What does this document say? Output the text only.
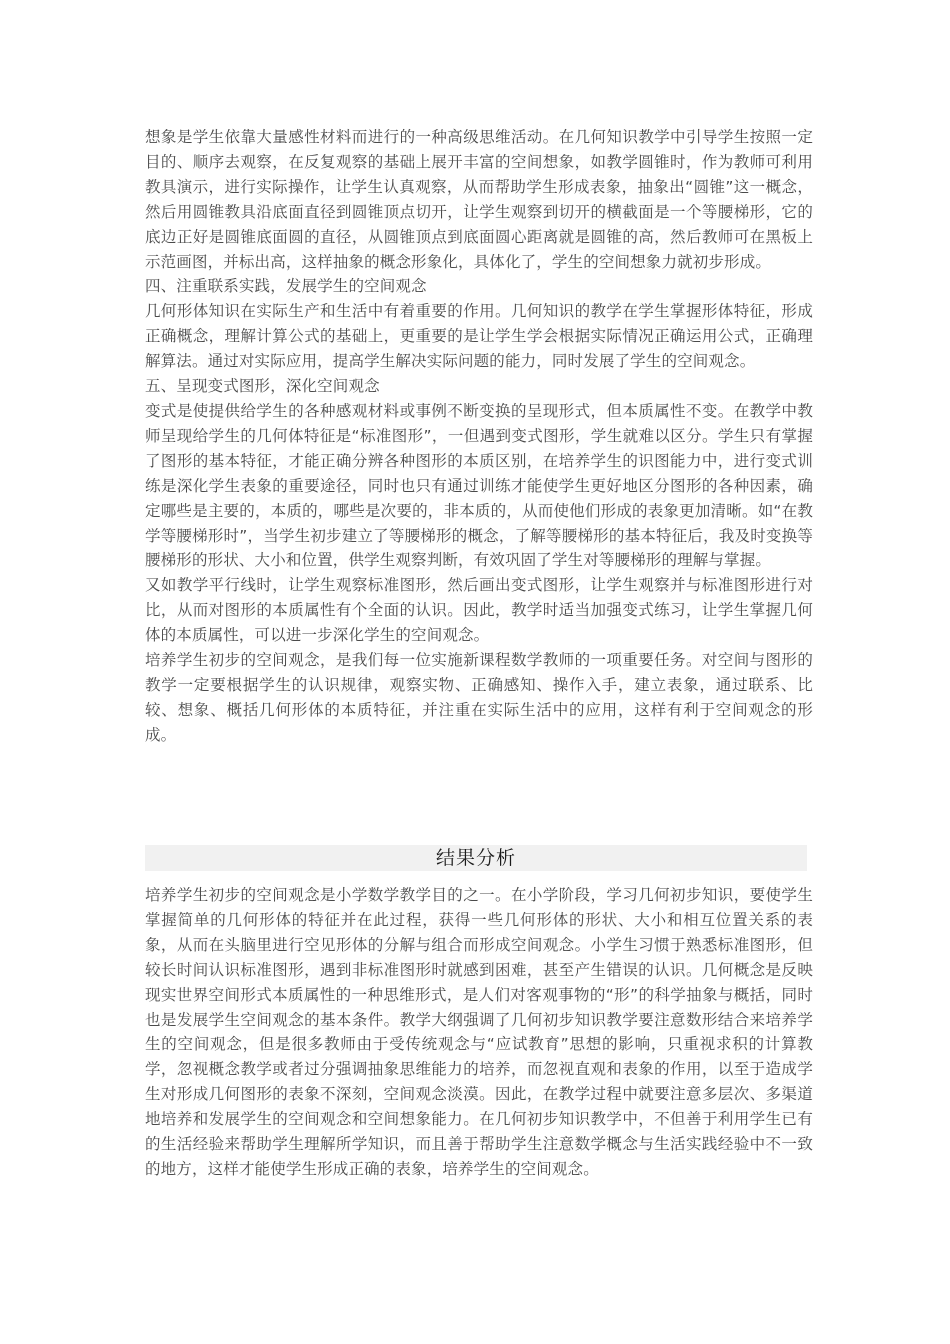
想象是学生依靠大量感性材料而进行的一种高级思维活动。在几何知识教学中引导学生按照一定目的、顺序去观察，在反复观察的基础上展开丰富的空间想象，如教学圆锥时，作为教师可利用教具演示，进行实际操作，让学生认真观察，从而帮助学生形成表象，抽象出“圆锥”这一概念，然后用圆锥教具沿底面直径到圆锥顶点切开，让学生观察到切开的横截面是一个等腰梯形，它的底边正好是圆锥底面圆的直径，从圆锥顶点到底面圆心距离就是圆锥的高，然后教师可在黑板上示范画图，并标出高，这样抽象的概念形象化，具体化了，学生的空间想象力就初步形成。

四、注重联系实践，发展学生的空间观念

几何形体知识在实际生产和生活中有着重要的作用。几何知识的教学在学生掌握形体特征，形成正确概念，理解计算公式的基础上，更重要的是让学生学会根据实际情况正确运用公式，正确理解算法。通过对实际应用，提高学生解决实际问题的能力，同时发展了学生的空间观念。

五、呈现变式图形，深化空间观念

变式是使提供给学生的各种感观材料或事例不断变换的呈现形式，但本质属性不变。在教学中教师呈现给学生的几何体特征是“标准图形”，一但遇到变式图形，学生就难以区分。学生只有掌握了图形的基本特征，才能正确分辨各种图形的本质区别，在培养学生的识图能力中，进行变式训练是深化学生表象的重要途径，同时也只有通过训练才能使学生更好地区分图形的各种因素，确定哪些是主要的，本质的，哪些是次要的，非本质的，从而使他们形成的表象更加清晰。如“在教学等腰梯形时”，当学生初步建立了等腰梯形的概念，了解等腰梯形的基本特征后，我及时变换等腰梯形的形状、大小和位置，供学生观察判断，有效巩固了学生对等腰梯形的理解与掌握。

又如教学平行线时，让学生观察标准图形，然后画出变式图形，让学生观察并与标准图形进行对比，从而对图形的本质属性有个全面的认识。因此，教学时适当加强变式练习，让学生掌握几何体的本质属性，可以进一步深化学生的空间观念。

培养学生初步的空间观念，是我们每一位实施新课程数学教师的一项重要任务。对空间与图形的教学一定要根据学生的认识规律，观察实物、正确感知、操作入手，建立表象，通过联系、比较、想象、概括几何形体的本质特征，并注重在实际生活中的应用，这样有利于空间观念的形成。

结果分析

培养学生初步的空间观念是小学数学教学目的之一。在小学阶段，学习几何初步知识，要使学生掌握简单的几何形体的特征并在此过程，获得一些几何形体的形状、大小和相互位置关系的表象，从而在头脑里进行空见形体的分解与组合而形成空间观念。小学生习惯于熟悉标准图形，但较长时间认识标准图形，遇到非标准图形时就感到困难，甚至产生错误的认识。几何概念是反映现实世界空间形式本质属性的一种思维形式，是人们对客观事物的“形”的科学抽象与概括，同时也是发展学生空间观念的基本条件。教学大纲强调了几何初步知识教学要注意数形结合来培养学生的空间观念，但是很多教师由于受传统观念与“应试教育”思想的影响，只重视求积的计算教学，忽视概念教学或者过分强调抽象思维能力的培养，而忽视直观和表象的作用，以至于造成学生对形成几何图形的表象不深刻，空间观念淡漠。因此，在教学过程中就要注意多层次、多渠道地培养和发展学生的空间观念和空间想象能力。在几何初步知识教学中，不但善于利用学生已有的生活经验来帮助学生理解所学知识，而且善于帮助学生注意数学概念与生活实践经验中不一致的地方，这样才能使学生形成正确的表象，培养学生的空间观念。
